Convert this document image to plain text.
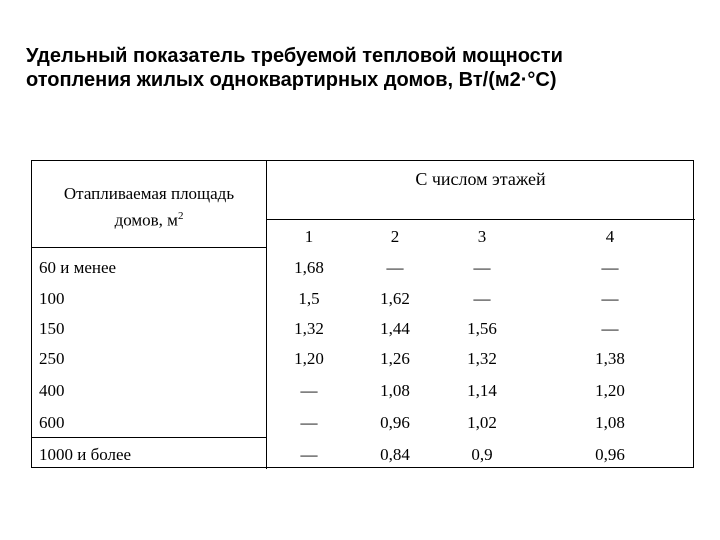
Удельный показатель требуемой тепловой мощности
отопления жилых одноквартирных домов, Вт/(м2·°С)
С числом этажей
Отапливаемая площадь
домов, $м^2$
1	2	3	4
60 и менее	1,68	—	—	—
100	1,5	1,62	—	—
150	1,32	1,44	1,56	—
250	1,20	1,26	1,32	1,38
400	—	1,08	1,14	1,20
600	—	0,96	1,02	1,08
1000 и более	—	0,84	0,9	0,96
